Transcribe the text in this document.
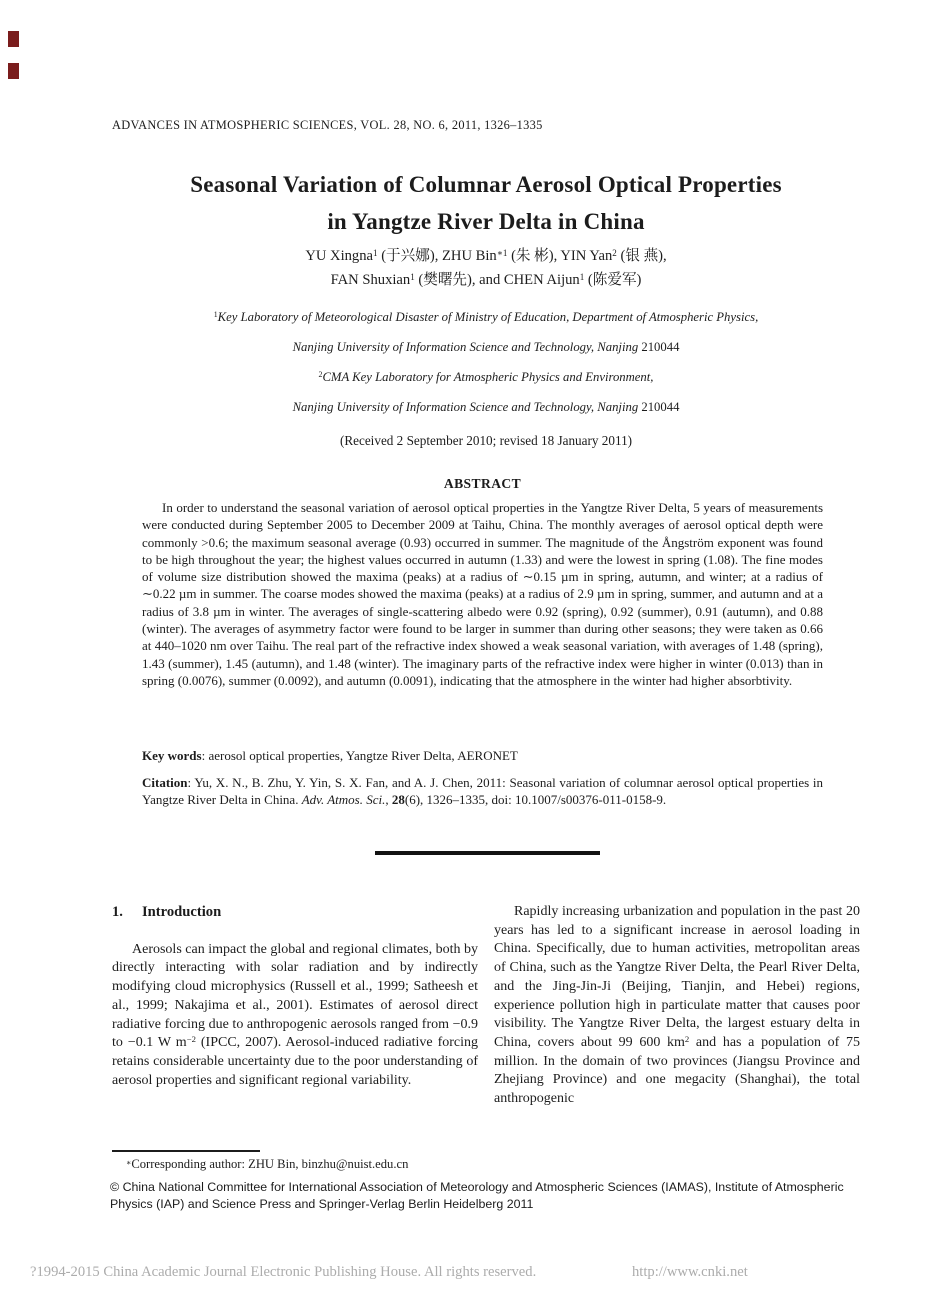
ADVANCES IN ATMOSPHERIC SCIENCES, VOL. 28, NO. 6, 2011, 1326–1335
Seasonal Variation of Columnar Aerosol Optical Properties
in Yangtze River Delta in China
YU Xingna$^1$ (于兴娜), ZHU Bin$^{∗1}$ (朱 彬), YIN Yan$^2$ (银 燕),
FAN Shuxian$^1$ (樊曙先), and CHEN Aijun$^1$ (陈爱军)
$^1$Key Laboratory of Meteorological Disaster of Ministry of Education, Department of Atmospheric Physics,
Nanjing University of Information Science and Technology, Nanjing 210044
$^2$CMA Key Laboratory for Atmospheric Physics and Environment,
Nanjing University of Information Science and Technology, Nanjing 210044
(Received 2 September 2010; revised 18 January 2011)
ABSTRACT
In order to understand the seasonal variation of aerosol optical properties in the Yangtze River Delta, 5 years of measurements were conducted during September 2005 to December 2009 at Taihu, China. The monthly averages of aerosol optical depth were commonly >0.6; the maximum seasonal average (0.93) occurred in summer. The magnitude of the Ångström exponent was found to be high throughout the year; the highest values occurred in autumn (1.33) and were the lowest in spring (1.08). The fine modes of volume size distribution showed the maxima (peaks) at a radius of ∼0.15 µm in spring, autumn, and winter; at a radius of ∼0.22 µm in summer. The coarse modes showed the maxima (peaks) at a radius of 2.9 µm in spring, summer, and autumn and at a radius of 3.8 µm in winter. The averages of single-scattering albedo were 0.92 (spring), 0.92 (summer), 0.91 (autumn), and 0.88 (winter). The averages of asymmetry factor were found to be larger in summer than during other seasons; they were taken as 0.66 at 440–1020 nm over Taihu. The real part of the refractive index showed a weak seasonal variation, with averages of 1.48 (spring), 1.43 (summer), 1.45 (autumn), and 1.48 (winter). The imaginary parts of the refractive index were higher in winter (0.013) than in spring (0.0076), summer (0.0092), and autumn (0.0091), indicating that the atmosphere in the winter had higher absorbtivity.
Key words: aerosol optical properties, Yangtze River Delta, AERONET
Citation: Yu, X. N., B. Zhu, Y. Yin, S. X. Fan, and A. J. Chen, 2011: Seasonal variation of columnar aerosol optical properties in Yangtze River Delta in China. Adv. Atmos. Sci., 28(6), 1326–1335, doi: 10.1007/s00376-011-0158-9.
1. Introduction

Aerosols can impact the global and regional climates, both by directly interacting with solar radiation and by indirectly modifying cloud microphysics (Russell et al., 1999; Satheesh et al., 1999; Nakajima et al., 2001). Estimates of aerosol direct radiative forcing due to anthropogenic aerosols ranged from −0.9 to −0.1 W $m^{-2}$ (IPCC, 2007). Aerosol-induced radiative forcing retains considerable uncertainty due to the poor understanding of aerosol properties and significant regional variability.

Rapidly increasing urbanization and population in the past 20 years has led to a significant increase in aerosol loading in China. Specifically, due to human activities, metropolitan areas of China, such as the Yangtze River Delta, the Pearl River Delta, and the Jing-Jin-Ji (Beijing, Tianjin, and Hebei) regions, experience pollution high in particulate matter that causes poor visibility. The Yangtze River Delta, the largest estuary delta in China, covers about 99 600 $km^2$ and has a population of 75 million. In the domain of two provinces (Jiangsu Province and Zhejiang Province) and one megacity (Shanghai), the total anthropogenic

∗Corresponding author: ZHU Bin, binzhu@nuist.edu.cn
© China National Committee for International Association of Meteorology and Atmospheric Sciences (IAMAS), Institute of Atmospheric Physics (IAP) and Science Press and Springer-Verlag Berlin Heidelberg 2011
?1994-2015 China Academic Journal Electronic Publishing House. All rights reserved.	http://www.cnki.net
